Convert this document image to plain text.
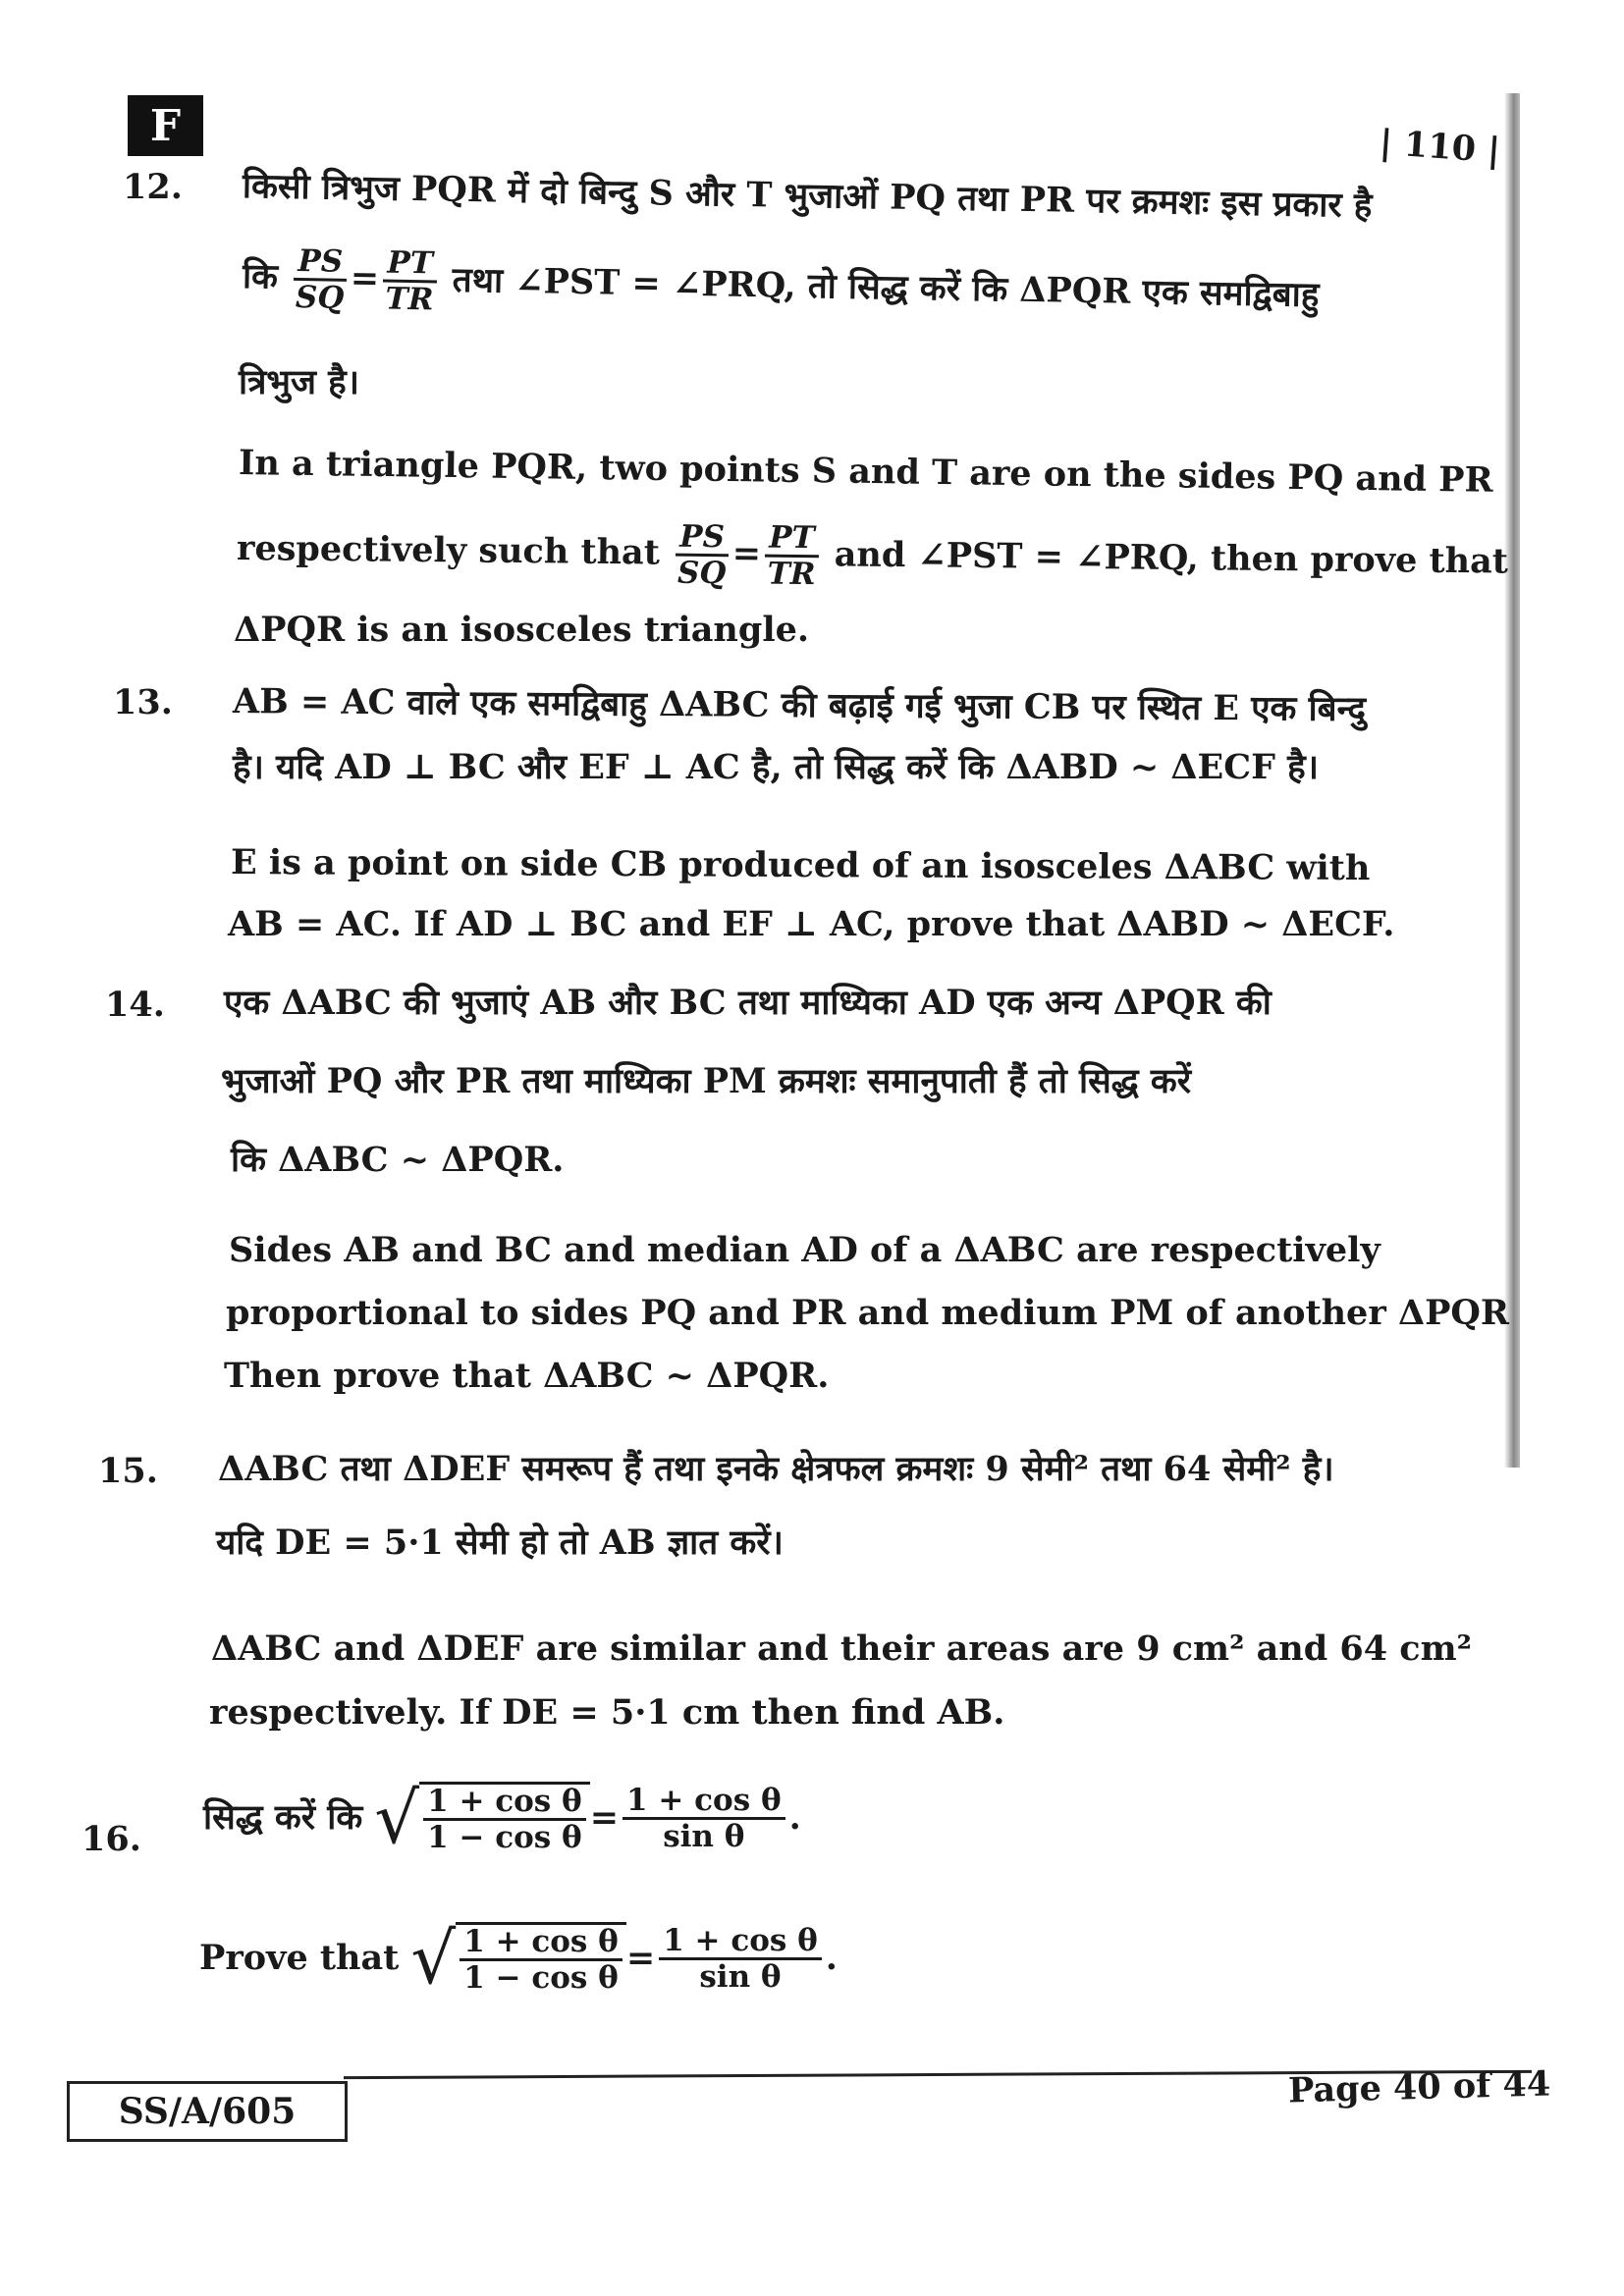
F	| 110 |
12. किसी त्रिभुज PQR में दो बिन्दु S और T भुजाओं PQ तथा PR पर क्रमशः इस प्रकार है
कि $\frac{PS}{SQ} = \frac{PT}{TR}$ तथा ∠PST = ∠PRQ, तो सिद्ध करें कि ΔPQR एक समद्विबाहु
त्रिभुज है।
In a triangle PQR, two points S and T are on the sides PQ and PR
respectively such that $\frac{PS}{SQ} = \frac{PT}{TR}$ and ∠PST = ∠PRQ, then prove that
ΔPQR is an isosceles triangle.
13. AB = AC वाले एक समद्विबाहु ΔABC की बढ़ाई गई भुजा CB पर स्थित E एक बिन्दु
है। यदि AD ⊥ BC और EF ⊥ AC है, तो सिद्ध करें कि ΔABD ~ ΔECF है।
E is a point on side CB produced of an isosceles ΔABC with
AB = AC. If AD ⊥ BC and EF ⊥ AC, prove that ΔABD ~ ΔECF.
14. एक ΔABC की भुजाएं AB और BC तथा माध्यिका AD एक अन्य ΔPQR की
भुजाओं PQ और PR तथा माध्यिका PM क्रमशः समानुपाती हैं तो सिद्ध करें
कि ΔABC ~ ΔPQR.
Sides AB and BC and median AD of a ΔABC are respectively
proportional to sides PQ and PR and medium PM of another ΔPQR
Then prove that ΔABC ~ ΔPQR.
15. ΔABC तथा ΔDEF समरूप हैं तथा इनके क्षेत्रफल क्रमशः 9 सेमी² तथा 64 सेमी² है।
यदि DE = 5·1 सेमी हो तो AB ज्ञात करें।
ΔABC and ΔDEF are similar and their areas are 9 cm² and 64 cm²
respectively. If DE = 5·1 cm then find AB.
16.
सिद्ध करें कि √ $\frac{\text{1 + cos θ}}{\text{1 − cos θ}} = \frac{\text{1 + cos θ}}{\text{sin θ}}$ .
Prove that √ $\frac{\text{1 + cos θ}}{\text{1 − cos θ}} = \frac{\text{1 + cos θ}}{\text{sin θ}}$ .
SS/A/605
Page 40 of 44
